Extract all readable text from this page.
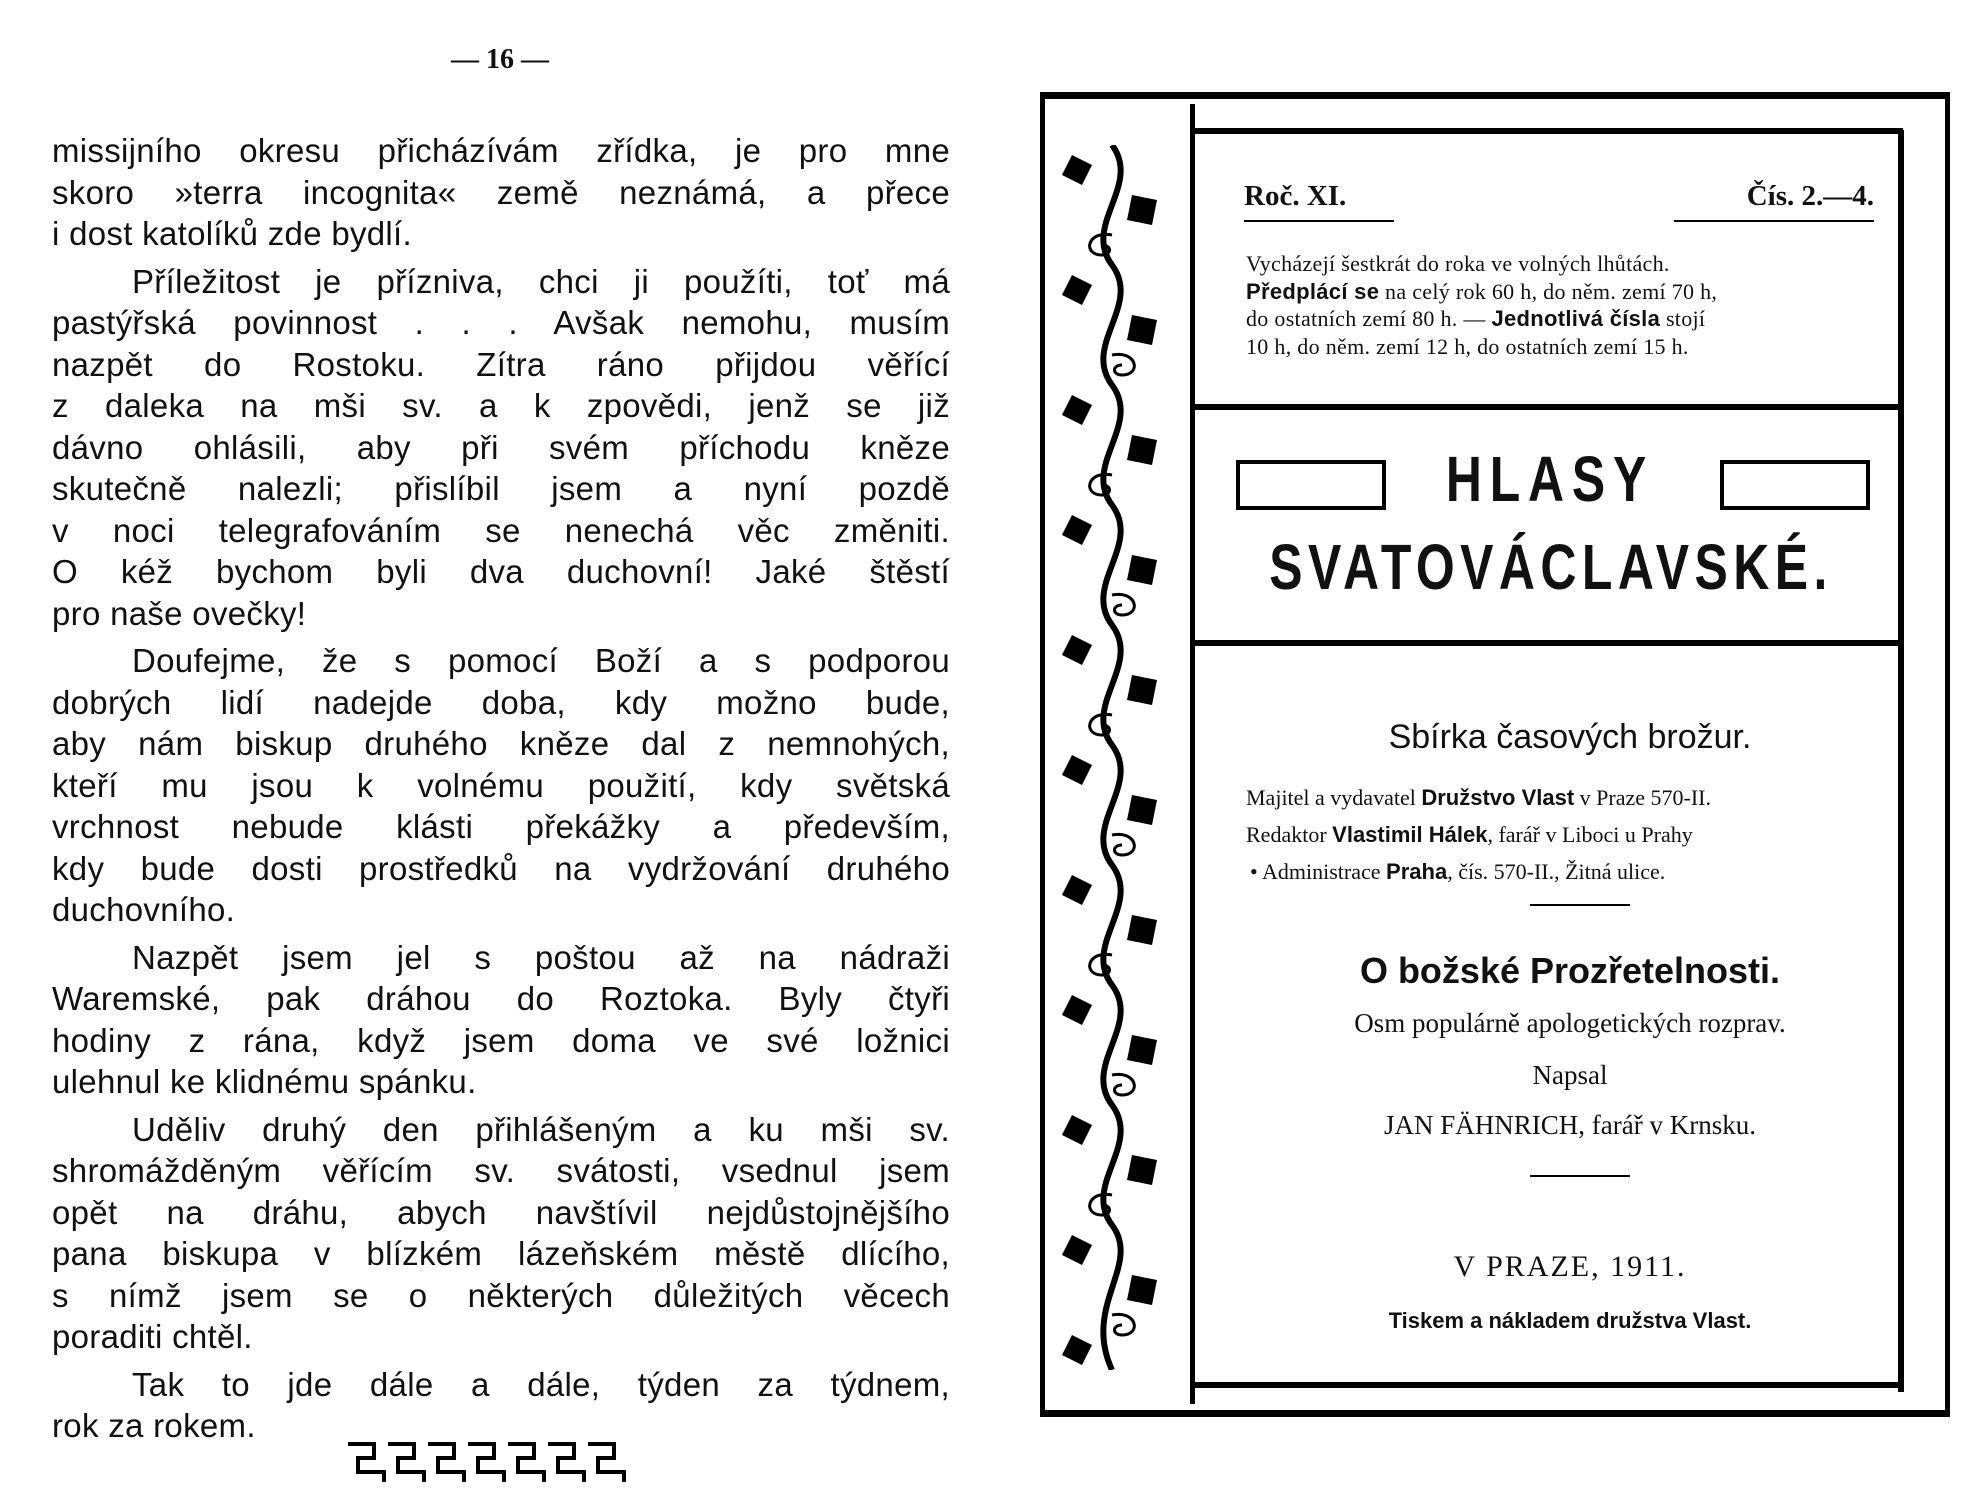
— 16 —
missijního okresu přicházívám zřídka, je pro mne
skoro »terra incognita« země neznámá, a přece
i dost katolíků zde bydlí.
Příležitost je přízniva, chci ji použíti, toť má
pastýřská povinnost . . . Avšak nemohu, musím
nazpět do Rostoku. Zítra ráno přijdou věřící
z daleka na mši sv. a k zpovědi, jenž se již
dávno ohlásili, aby při svém příchodu kněze
skutečně nalezli; přislíbil jsem a nyní pozdě
v noci telegrafováním se nenechá věc změniti.
O kéž bychom byli dva duchovní! Jaké štěstí
pro naše ovečky!
Doufejme, že s pomocí Boží a s podporou
dobrých lidí nadejde doba, kdy možno bude,
aby nám biskup druhého kněze dal z nemnohých,
kteří mu jsou k volnému použití, kdy světská
vrchnost nebude klásti překážky a především,
kdy bude dosti prostředků na vydržování druhého
duchovního.
Nazpět jsem jel s poštou až na nádraži
Waremské, pak dráhou do Roztoka. Byly čtyři
hodiny z rána, když jsem doma ve své ložnici
ulehnul ke klidnému spánku.
Uděliv druhý den přihlášeným a ku mši sv.
shromážděným věřícím sv. svátosti, vsednul jsem
opět na dráhu, abych navštívil nejdůstojnějšího
pana biskupa v blízkém lázeňském městě dlícího,
s nímž jsem se o některých důležitých věcech
poraditi chtěl.
Tak to jde dále a dále, týden za týdnem,
rok za rokem.
Roč. XI.	Čís. 2.—4.
Vycházejí šestkrát do roka ve volných lhůtách.
Předplácí se na celý rok 60 h, do něm. zemí 70 h,
do ostatních zemí 80 h. — Jednotlivá čísla stojí
10 h, do něm. zemí 12 h, do ostatních zemí 15 h.
HLASY
SVATOVÁCLAVSKÉ.
Sbírka časových brožur.
Majitel a vydavatel Družstvo Vlast v Praze 570-II.
Redaktor Vlastimil Hálek, farář v Liboci u Prahy
• Administrace Praha, čís. 570-II., Žitná ulice.
O božské Prozřetelnosti.
Osm populárně apologetických rozprav.
Napsal
JAN FÄHNRICH, farář v Krnsku.
V PRAZE, 1911.
Tiskem a nákladem družstva Vlast.
